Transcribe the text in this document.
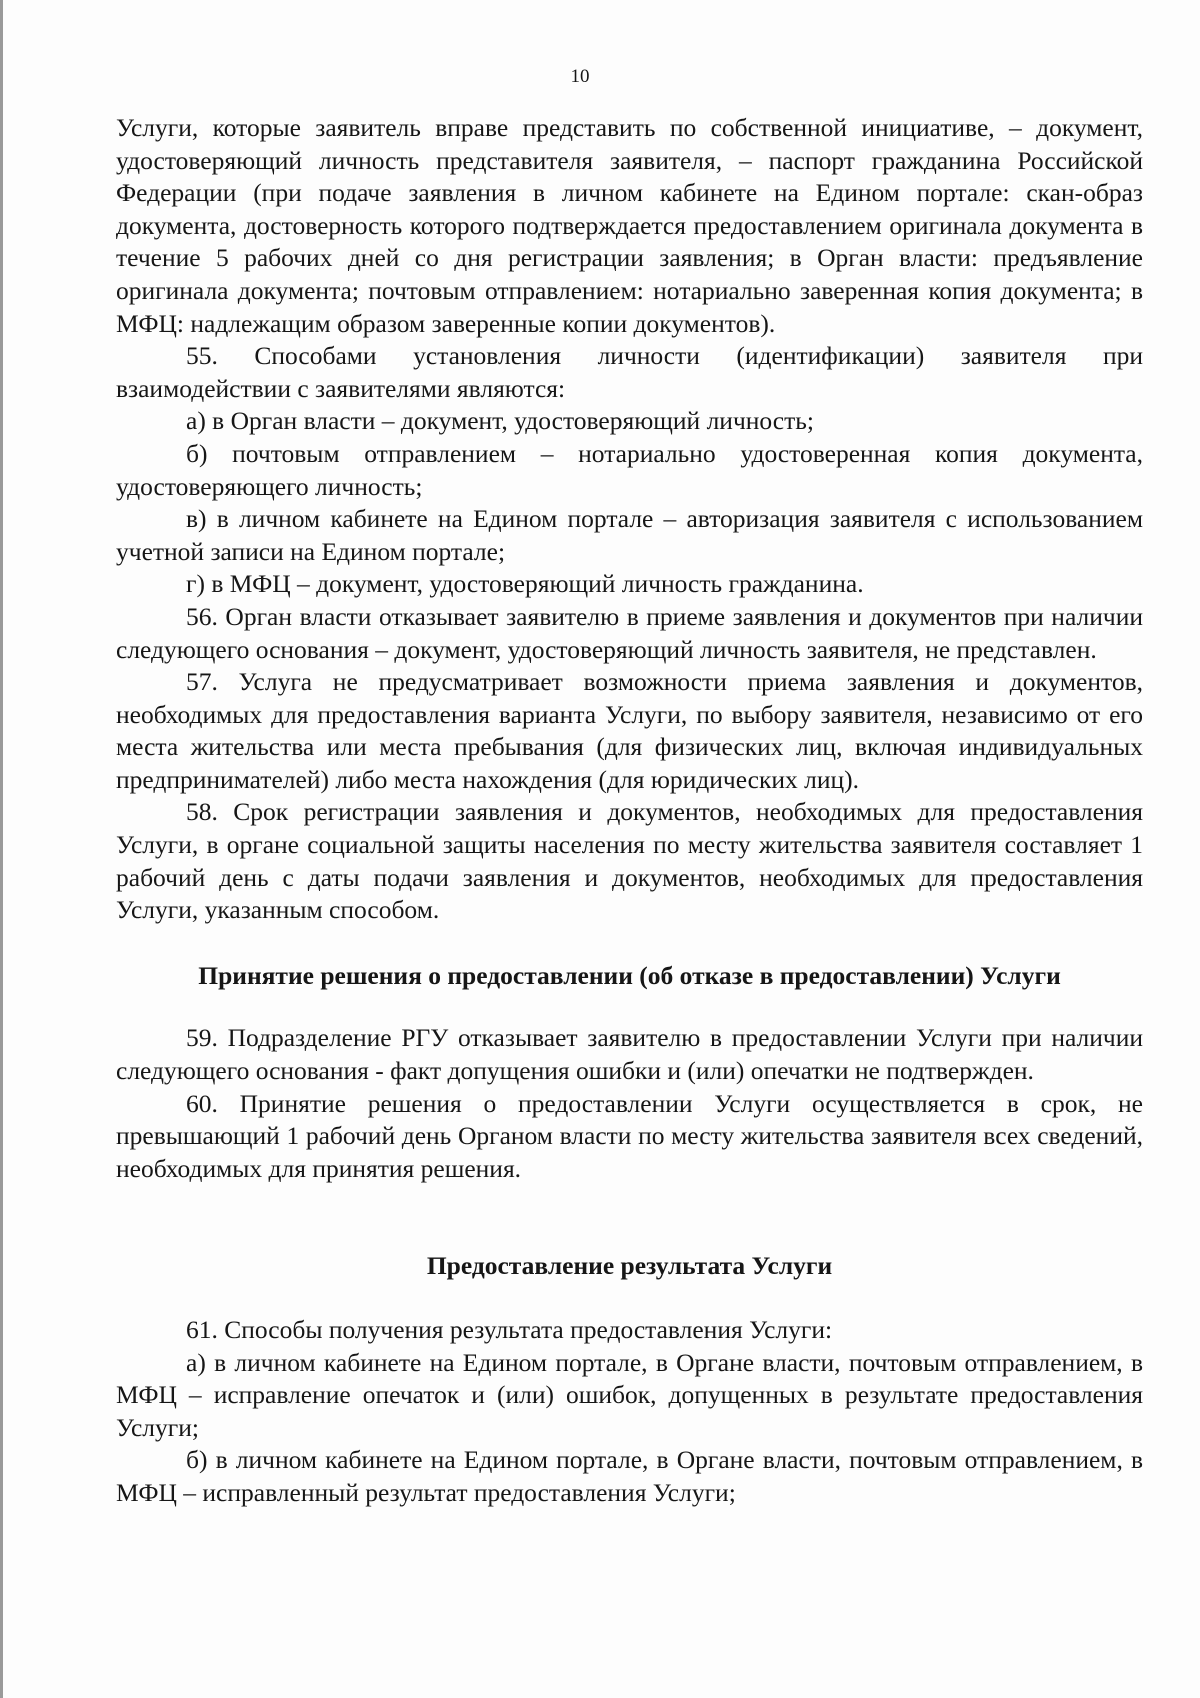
10

Услуги, которые заявитель вправе представить по собственной инициативе, – документ, удостоверяющий личность представителя заявителя, – паспорт гражданина Российской Федерации (при подаче заявления в личном кабинете на Едином портале: скан-образ документа, достоверность которого подтверждается предоставлением оригинала документа в течение 5 рабочих дней со дня регистрации заявления; в Орган власти: предъявление оригинала документа; почтовым отправлением: нотариально заверенная копия документа; в МФЦ: надлежащим образом заверенные копии документов).

55. Способами установления личности (идентификации) заявителя при взаимодействии с заявителями являются:

а) в Орган власти – документ, удостоверяющий личность;

б) почтовым отправлением – нотариально удостоверенная копия документа, удостоверяющего личность;

в) в личном кабинете на Едином портале – авторизация заявителя с использованием учетной записи на Едином портале;

г) в МФЦ – документ, удостоверяющий личность гражданина.

56. Орган власти отказывает заявителю в приеме заявления и документов при наличии следующего основания – документ, удостоверяющий личность заявителя, не представлен.

57. Услуга не предусматривает возможности приема заявления и документов, необходимых для предоставления варианта Услуги, по выбору заявителя, независимо от его места жительства или места пребывания (для физических лиц, включая индивидуальных предпринимателей) либо места нахождения (для юридических лиц).

58. Срок регистрации заявления и документов, необходимых для предоставления Услуги, в органе социальной защиты населения по месту жительства заявителя составляет 1 рабочий день с даты подачи заявления и документов, необходимых для предоставления Услуги, указанным способом.

Принятие решения о предоставлении (об отказе в предоставлении) Услуги

59. Подразделение РГУ отказывает заявителю в предоставлении Услуги при наличии следующего основания - факт допущения ошибки и (или) опечатки не подтвержден.

60. Принятие решения о предоставлении Услуги осуществляется в срок, не превышающий 1 рабочий день Органом власти по месту жительства заявителя всех сведений, необходимых для принятия решения.

Предоставление результата Услуги

61. Способы получения результата предоставления Услуги:

а) в личном кабинете на Едином портале, в Органе власти, почтовым отправлением, в МФЦ – исправление опечаток и (или) ошибок, допущенных в результате предоставления Услуги;

б) в личном кабинете на Едином портале, в Органе власти, почтовым отправлением, в МФЦ – исправленный результат предоставления Услуги;
